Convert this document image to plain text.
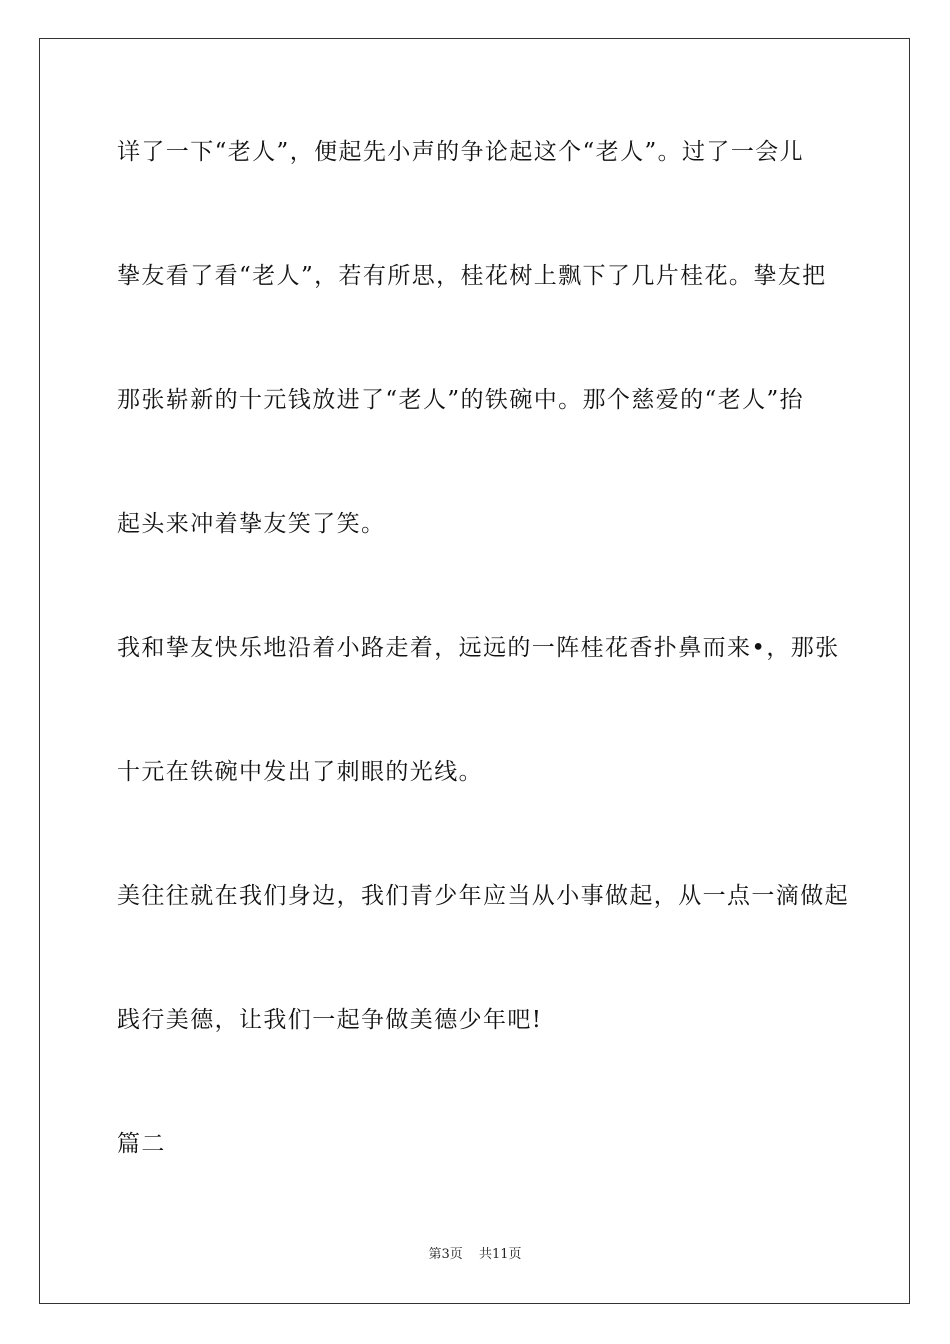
详了一下“老人”，便起先小声的争论起这个“老人”。过了一会儿
挚友看了看“老人”，若有所思，桂花树上飘下了几片桂花。挚友把
那张崭新的十元钱放进了“老人”的铁碗中。那个慈爱的“老人”抬
起头来冲着挚友笑了笑。
我和挚友快乐地沿着小路走着，远远的一阵桂花香扑鼻而来•，那张
十元在铁碗中发出了刺眼的光线。
美往往就在我们身边，我们青少年应当从小事做起，从一点一滴做起
践行美德，让我们一起争做美德少年吧!
篇二
第3页 共11页
